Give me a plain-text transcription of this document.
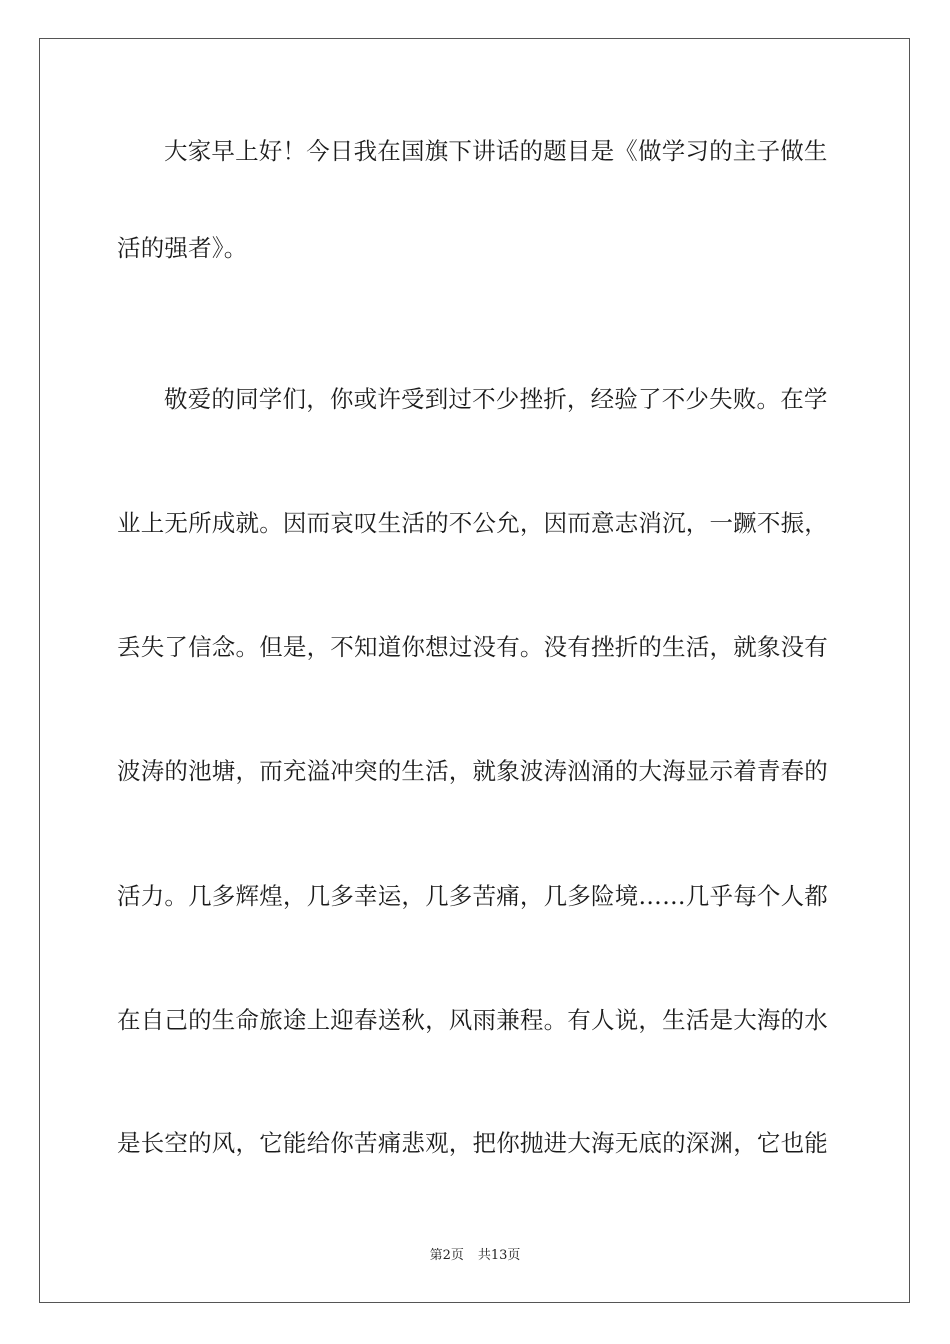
大家早上好！今日我在国旗下讲话的题目是《做学习的主子做生
活的强者》。
敬爱的同学们，你或许受到过不少挫折，经验了不少失败。在学
业上无所成就。因而哀叹生活的不公允，因而意志消沉，一蹶不振，
丢失了信念。但是，不知道你想过没有。没有挫折的生活，就象没有
波涛的池塘，而充溢冲突的生活，就象波涛汹涌的大海显示着青春的
活力。几多辉煌，几多幸运，几多苦痛，几多险境……几乎每个人都
在自己的生命旅途上迎春送秋，风雨兼程。有人说，生活是大海的水
是长空的风，它能给你苦痛悲观，把你抛进大海无底的深渊，它也能
第2页 共13页
